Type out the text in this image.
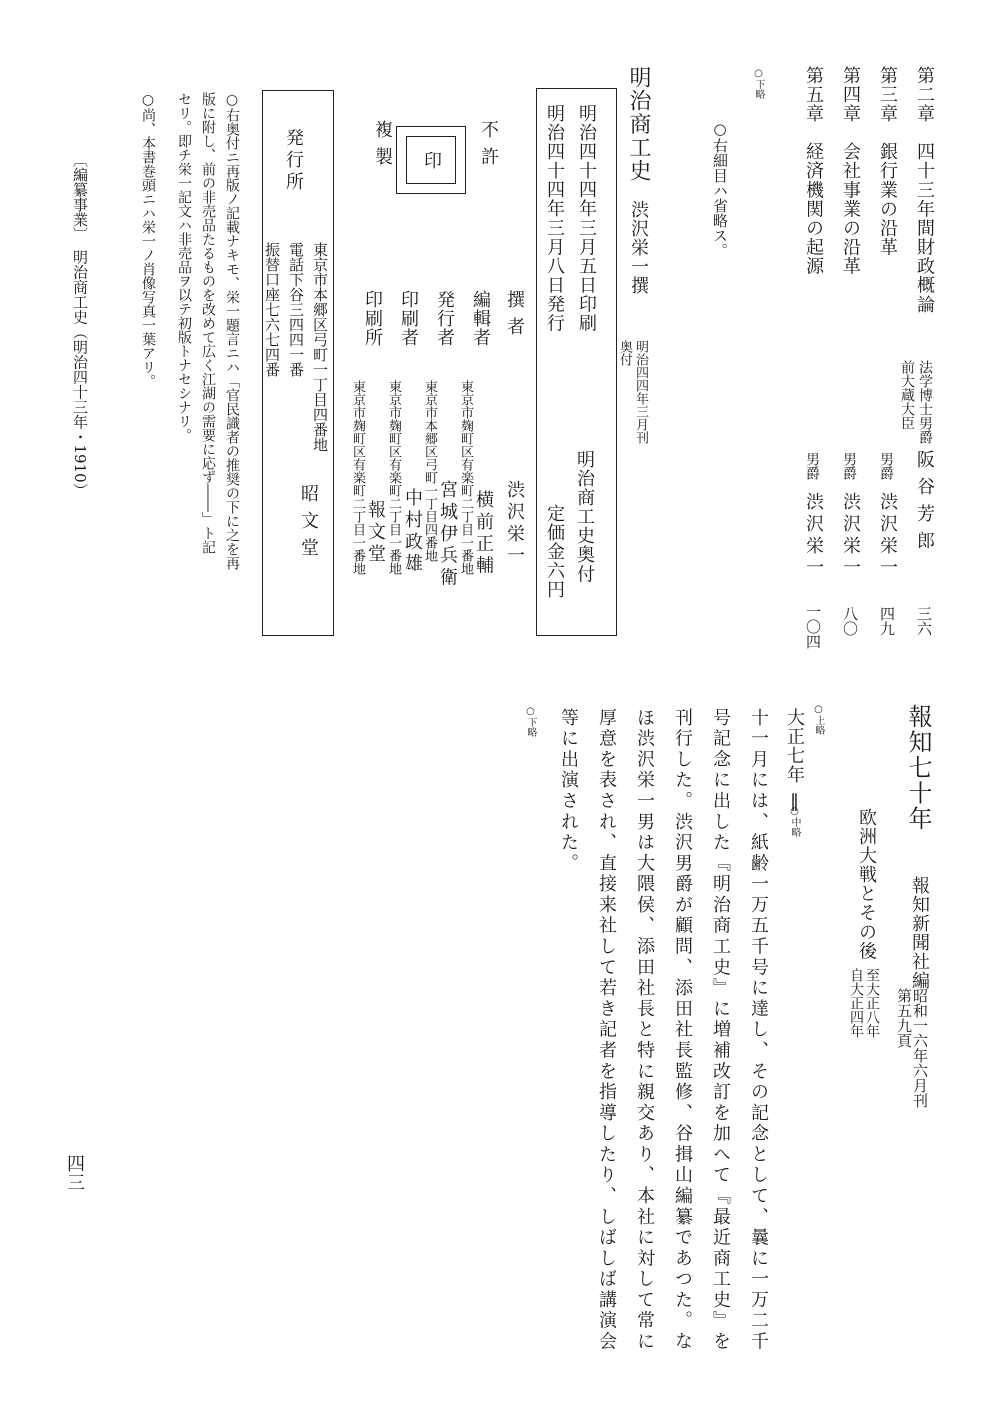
第二章　四十三年間財政概論
第三章　銀行業の沿革
第四章　会社事業の沿革
第五章　経済機関の起源
前大蔵大臣 法学博士男爵
阪谷芳郎
男爵
渋沢栄一
男爵
渋沢栄一
男爵
渋沢栄一
三六
四九
八〇
一〇四
○右細目ハ省略ス。
○下略
明治商工史
渋沢栄一撰
奥付 明治四四年三月刊
明治四十四年三月五日印刷
明治四十四年三月八日発行
明治商工史奥付
定価金六円
撰者
渋沢栄一
編輯者
東京市麹町区有楽町二丁目一番地 横前正輔
発行者
東京市本郷区弓町一丁目四番地 宮城伊兵衛
印刷者
東京市麹町区有楽町二丁目一番地 中村政雄
印刷所
東京市麹町区有楽町二丁目一番地 報文堂
不許
複製 印
発行所
東京市本郷区弓町一丁目四番地
電話下谷三四四一番
振替口座七六七四番
昭文堂
○右奥付ニ再版ノ記載ナキモ、栄一題言ニハ「官民識者の推奨の下に之を再
版に附し、前の非売品たるものを改めて広く江湖の需要に応ず――」ト記
セリ。即チ栄一記文ハ非売品ヲ以テ初版トナセシナリ。
○尚、本書巻頭ニハ栄一ノ肖像写真一葉アリ。
〔編纂事業〕　明治商工史（明治四十三年・1910）
報知七十年
報知新聞社編
第五九頁
昭和一六年六月刊
欧洲大戦とその後
自大正四年 至大正八年
○上略
大正七年 ‖
○中略
十一月には、紙齢一万五千号に達し、その記念として、曩に一万二千
号記念に出した『明治商工史』に増補改訂を加へて『最近商工史』を
刊行した。渋沢男爵が顧問、添田社長監修、谷揖山編纂であつた。な
ほ渋沢栄一男は大隈侯、添田社長と特に親交あり、本社に対して常に
厚意を表され、直接来社して若き記者を指導したり、しばしば講演会
等に出演された。
○下略
四三
